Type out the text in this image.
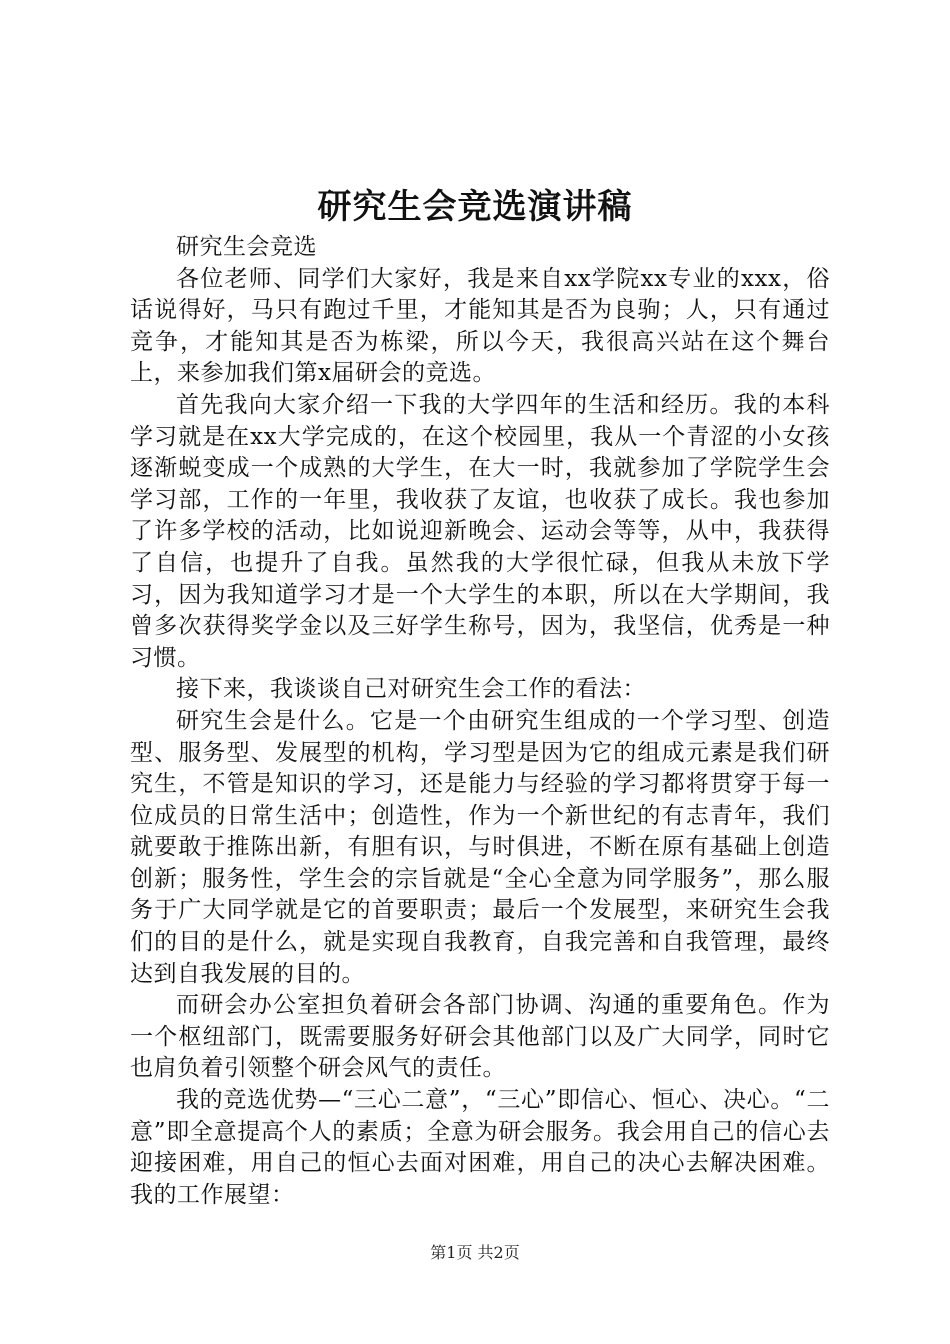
研究生会竞选演讲稿

研究生会竞选

各位老师、同学们大家好，我是来自xx学院xx专业的xxx，俗话说得好，马只有跑过千里，才能知其是否为良驹；人，只有通过竞争，才能知其是否为栋梁，所以今天，我很高兴站在这个舞台上，来参加我们第x届研会的竞选。

首先我向大家介绍一下我的大学四年的生活和经历。我的本科学习就是在xx大学完成的，在这个校园里，我从一个青涩的小女孩逐渐蜕变成一个成熟的大学生，在大一时，我就参加了学院学生会学习部，工作的一年里，我收获了友谊，也收获了成长。我也参加了许多学校的活动，比如说迎新晚会、运动会等等，从中，我获得了自信，也提升了自我。虽然我的大学很忙碌，但我从未放下学习，因为我知道学习才是一个大学生的本职，所以在大学期间，我曾多次获得奖学金以及三好学生称号，因为，我坚信，优秀是一种习惯。

接下来，我谈谈自己对研究生会工作的看法：

研究生会是什么。它是一个由研究生组成的一个学习型、创造型、服务型、发展型的机构，学习型是因为它的组成元素是我们研究生，不管是知识的学习，还是能力与经验的学习都将贯穿于每一位成员的日常生活中；创造性，作为一个新世纪的有志青年，我们就要敢于推陈出新，有胆有识，与时俱进，不断在原有基础上创造创新；服务性，学生会的宗旨就是“全心全意为同学服务”，那么服务于广大同学就是它的首要职责；最后一个发展型，来研究生会我们的目的是什么，就是实现自我教育，自我完善和自我管理，最终达到自我发展的目的。

而研会办公室担负着研会各部门协调、沟通的重要角色。作为一个枢纽部门，既需要服务好研会其他部门以及广大同学，同时它也肩负着引领整个研会风气的责任。

我的竞选优势—“三心二意”，“三心”即信心、恒心、决心。“二意”即全意提高个人的素质；全意为研会服务。我会用自己的信心去迎接困难，用自己的恒心去面对困难，用自己的决心去解决困难。我的工作展望：

第1页 共2页
